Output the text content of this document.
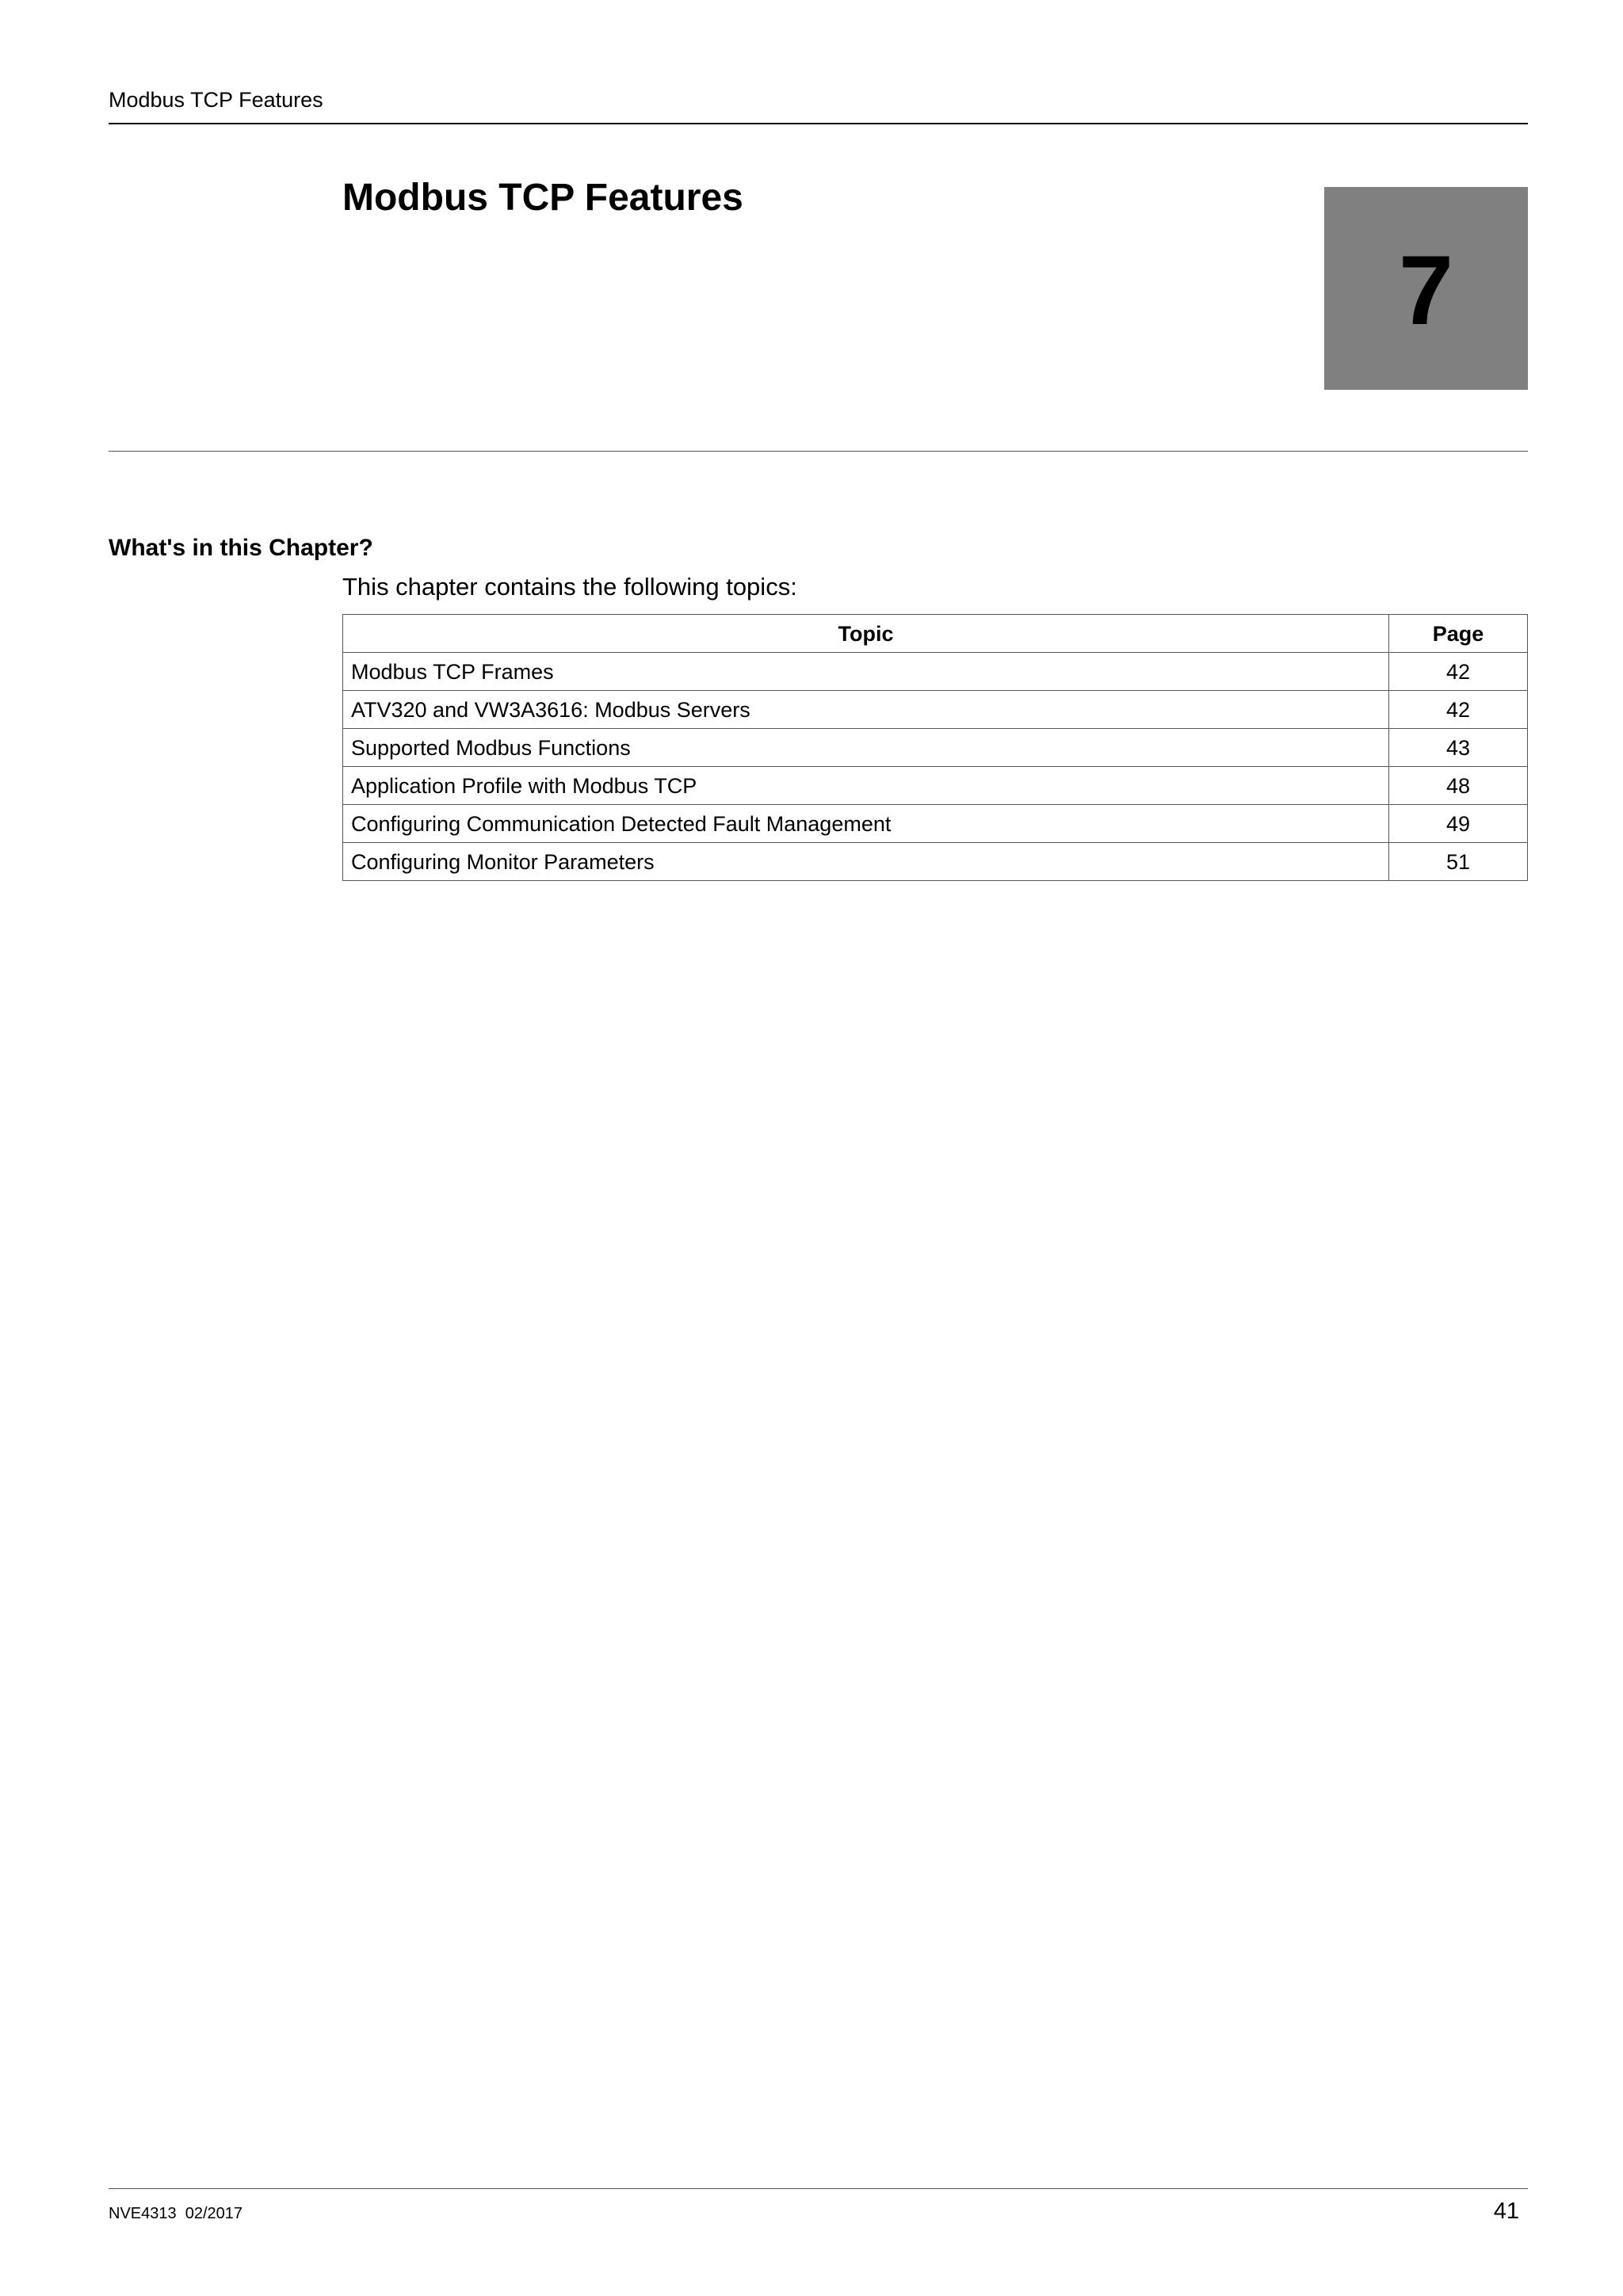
Modbus TCP Features
Modbus TCP Features
7
What's in this Chapter?
This chapter contains the following topics:
Topic	Page
Modbus TCP Frames	42
ATV320 and VW3A3616: Modbus Servers	42
Supported Modbus Functions	43
Application Profile with Modbus TCP	48
Configuring Communication Detected Fault Management	49
Configuring Monitor Parameters	51
NVE4313  02/2017	41
